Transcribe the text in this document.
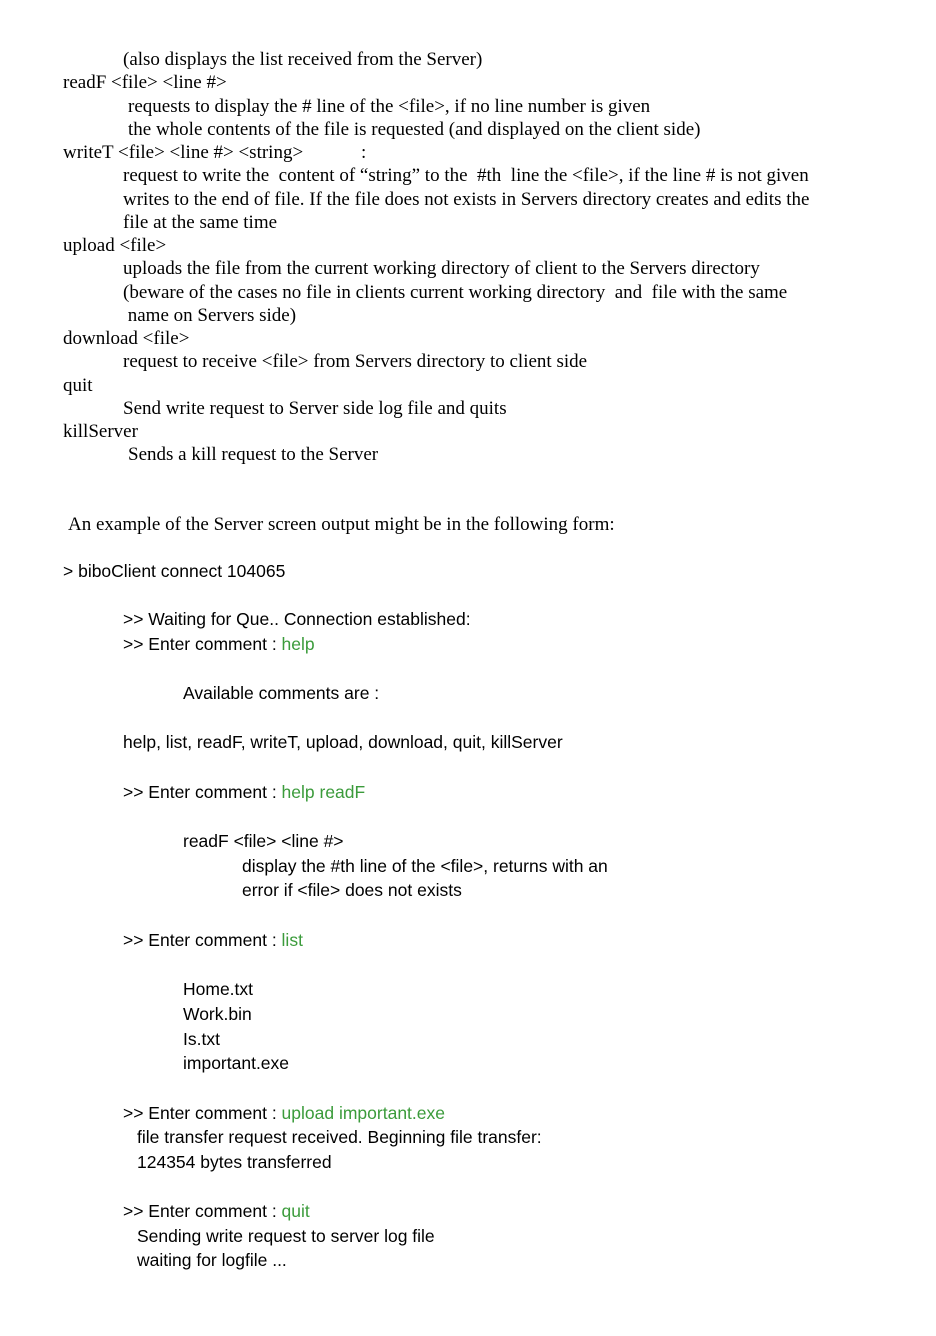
(also displays the list received from the Server)
readF <file> <line #>
requests to display the # line of the <file>, if no line number is given
the whole contents of the file is requested (and displayed on the client side)
writeT <file> <line #> <string>	:
request to write the  content of “string” to the  #th  line the <file>, if the line # is not given
writes to the end of file. If the file does not exists in Servers directory creates and edits the
file at the same time
upload <file>
uploads the file from the current working directory of client to the Servers directory
(beware of the cases no file in clients current working directory  and  file with the same
name on Servers side)
download <file>
request to receive <file> from Servers directory to client side
quit
Send write request to Server side log file and quits
killServer
Sends a kill request to the Server
An example of the Server screen output might be in the following form:
> biboClient connect 104065
>> Waiting for Que.. Connection established:
>> Enter comment : help
Available comments are :
help, list, readF, writeT, upload, download, quit, killServer
>> Enter comment : help readF
readF <file> <line #>
display the #th line of the <file>, returns with an
error if <file> does not exists
>> Enter comment : list
Home.txt
Work.bin
Is.txt
important.exe
>> Enter comment : upload important.exe
file transfer request received. Beginning file transfer:
124354 bytes transferred
>> Enter comment : quit
Sending write request to server log file
waiting for logfile ...
